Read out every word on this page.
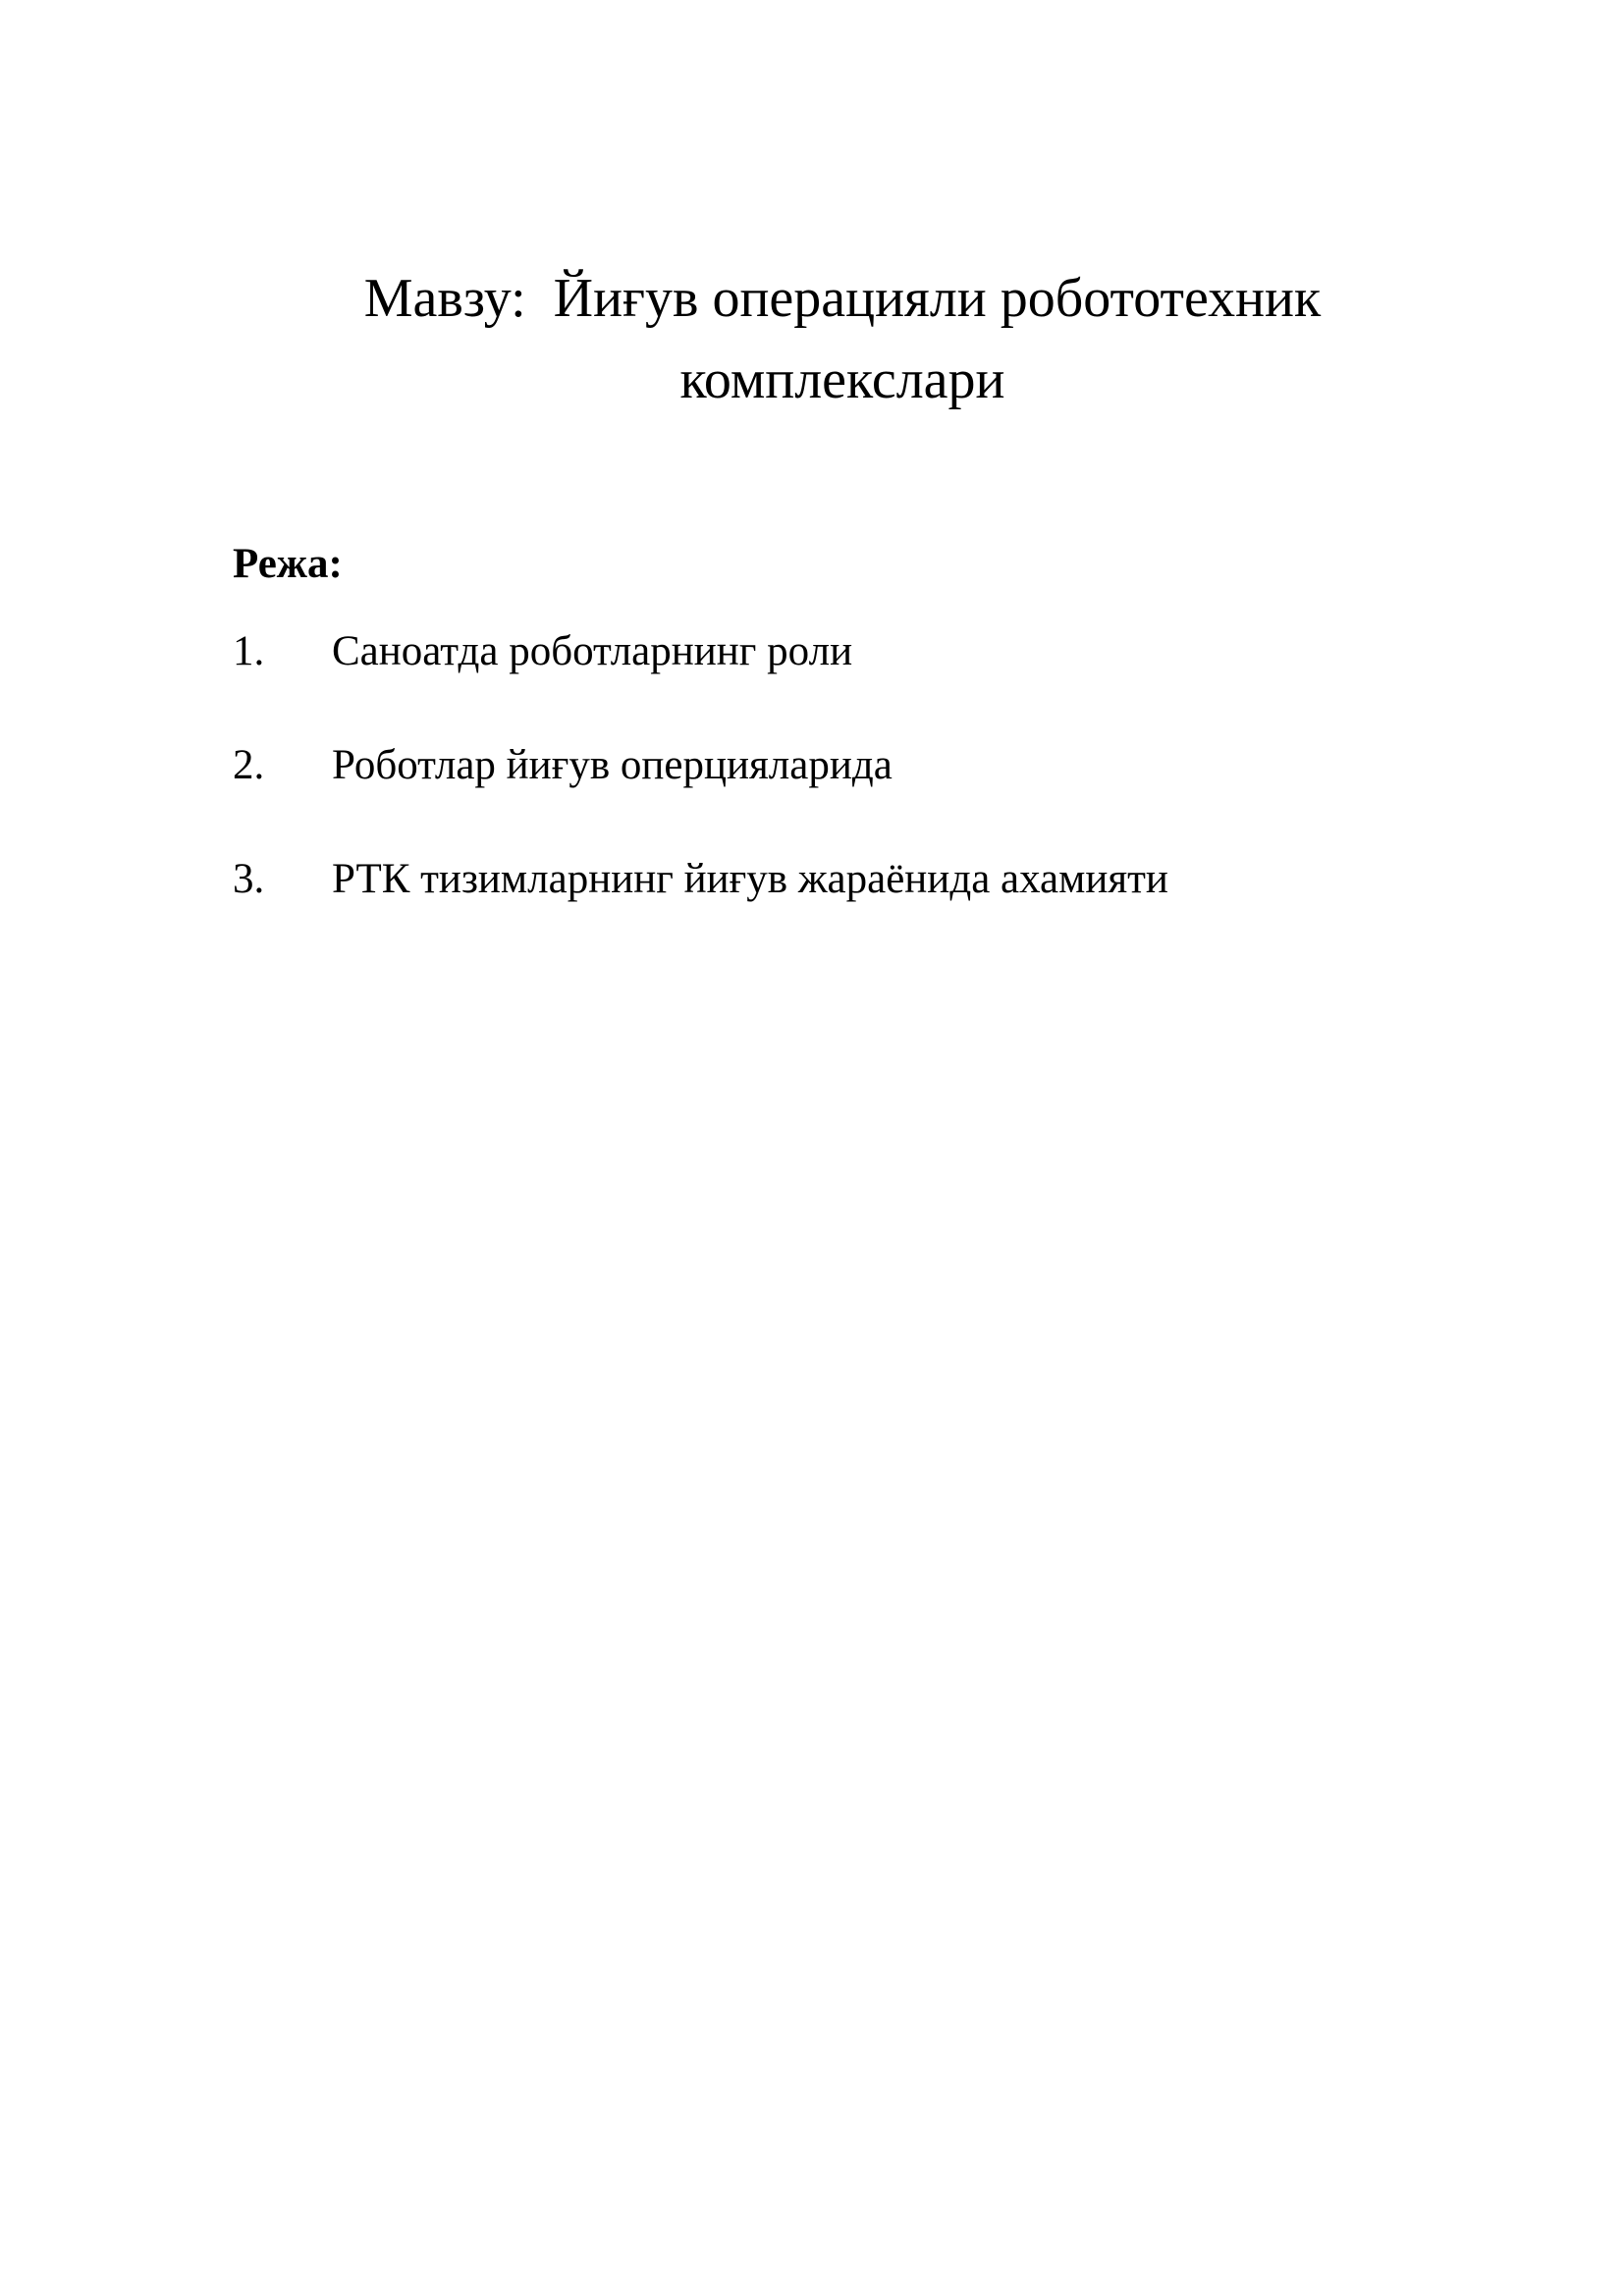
Мавзу:  Йиғув операцияли робототехник
комплекслари

Режа:

1.	Саноатда роботларнинг роли
2.	Роботлар йиғув оперцияларида
3.	РТК тизимларнинг йиғув жараёнида ахамияти
